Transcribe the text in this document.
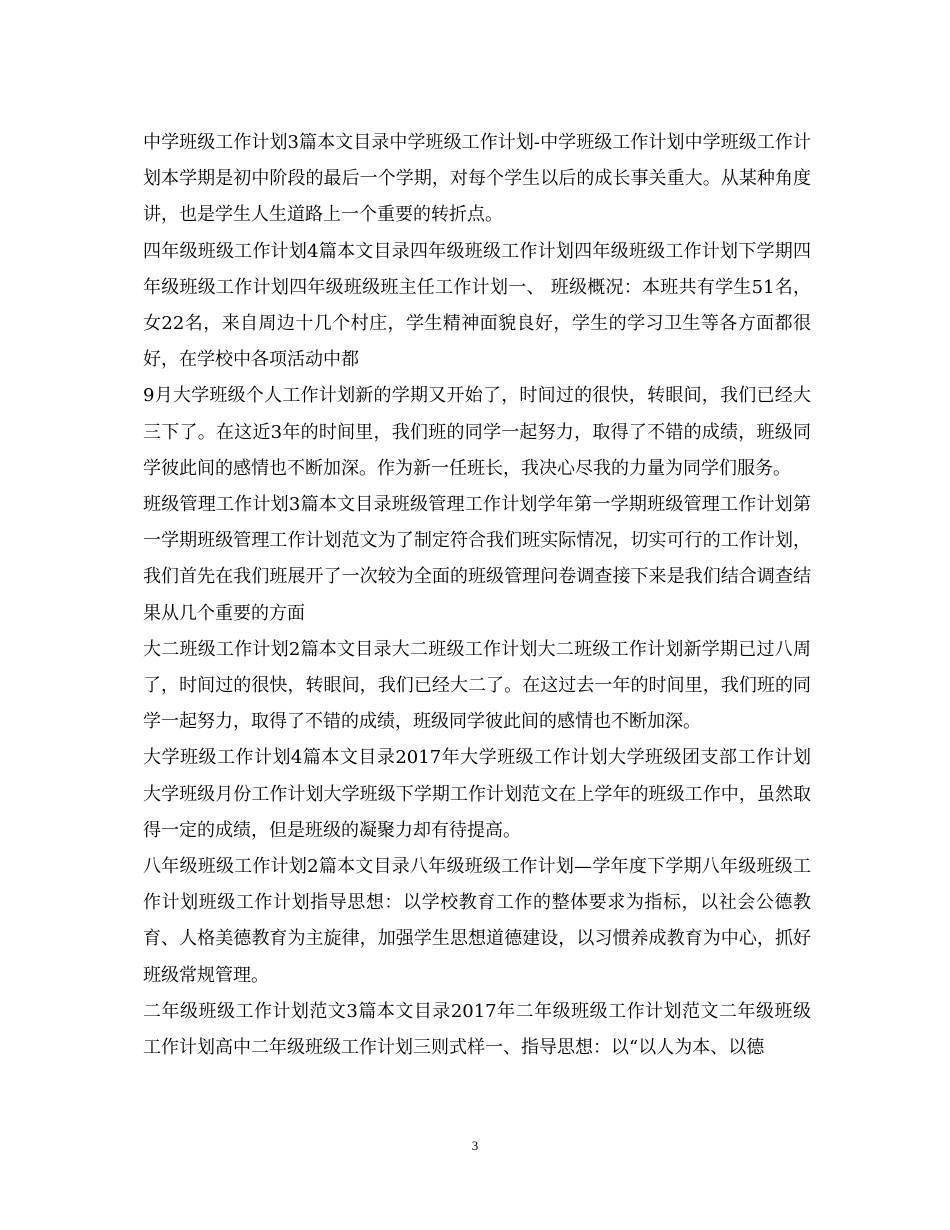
中学班级工作计划3篇本文目录中学班级工作计划-中学班级工作计划中学班级工作计划本学期是初中阶段的最后一个学期，对每个学生以后的成长事关重大。从某种角度讲，也是学生人生道路上一个重要的转折点。

四年级班级工作计划4篇本文目录四年级班级工作计划四年级班级工作计划下学期四年级班级工作计划四年级班级班主任工作计划一、 班级概况：本班共有学生51名，女22名，来自周边十几个村庄，学生精神面貌良好，学生的学习卫生等各方面都很好，在学校中各项活动中都

9月大学班级个人工作计划新的学期又开始了，时间过的很快，转眼间，我们已经大三下了。在这近3年的时间里，我们班的同学一起努力，取得了不错的成绩，班级同学彼此间的感情也不断加深。作为新一任班长，我决心尽我的力量为同学们服务。

班级管理工作计划3篇本文目录班级管理工作计划学年第一学期班级管理工作计划第一学期班级管理工作计划范文为了制定符合我们班实际情况，切实可行的工作计划，我们首先在我们班展开了一次较为全面的班级管理问卷调查接下来是我们结合调查结果从几个重要的方面

大二班级工作计划2篇本文目录大二班级工作计划大二班级工作计划新学期已过八周了，时间过的很快，转眼间，我们已经大二了。在这过去一年的时间里，我们班的同学一起努力，取得了不错的成绩，班级同学彼此间的感情也不断加深。

大学班级工作计划4篇本文目录2017年大学班级工作计划大学班级团支部工作计划大学班级月份工作计划大学班级下学期工作计划范文在上学年的班级工作中，虽然取得一定的成绩，但是班级的凝聚力却有待提高。

八年级班级工作计划2篇本文目录八年级班级工作计划—学年度下学期八年级班级工作计划班级工作计划指导思想：以学校教育工作的整体要求为指标，以社会公德教育、人格美德教育为主旋律，加强学生思想道德建设，以习惯养成教育为中心，抓好班级常规管理。

二年级班级工作计划范文3篇本文目录2017年二年级班级工作计划范文二年级班级工作计划高中二年级班级工作计划三则式样一、指导思想：以“以人为本、以德

3
